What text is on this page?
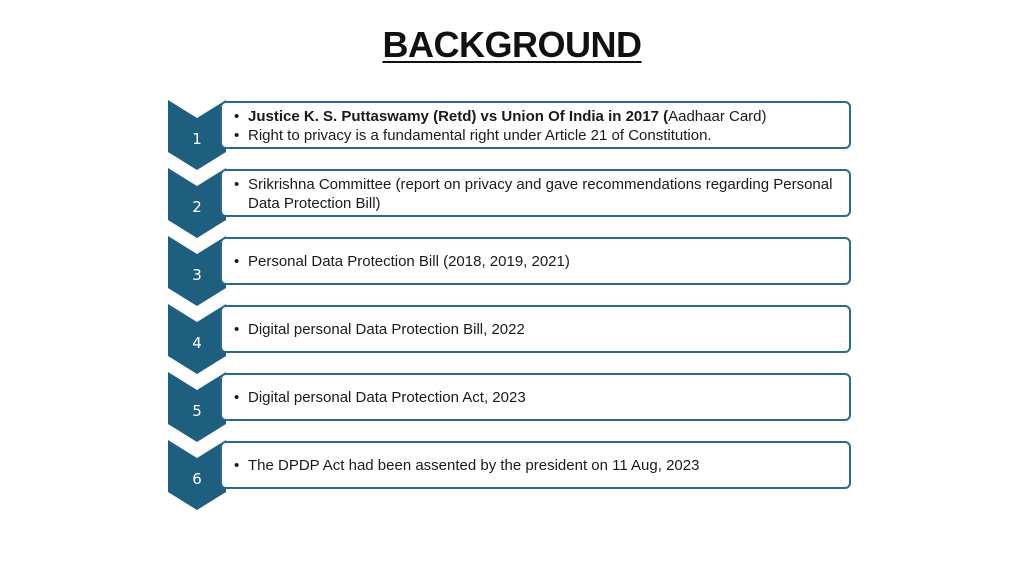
BACKGROUND
1
• Justice K. S. Puttaswamy (Retd) vs Union Of India in 2017 (Aadhaar Card)
• Right to privacy is a fundamental right under Article 21 of Constitution.
2
• Srikrishna Committee (report on privacy and gave recommendations regarding Personal Data Protection Bill)
3
• Personal Data Protection Bill (2018, 2019, 2021)
4
• Digital personal Data Protection Bill, 2022
5
• Digital personal Data Protection Act, 2023
6
• The DPDP Act had been assented by the president on 11 Aug, 2023
